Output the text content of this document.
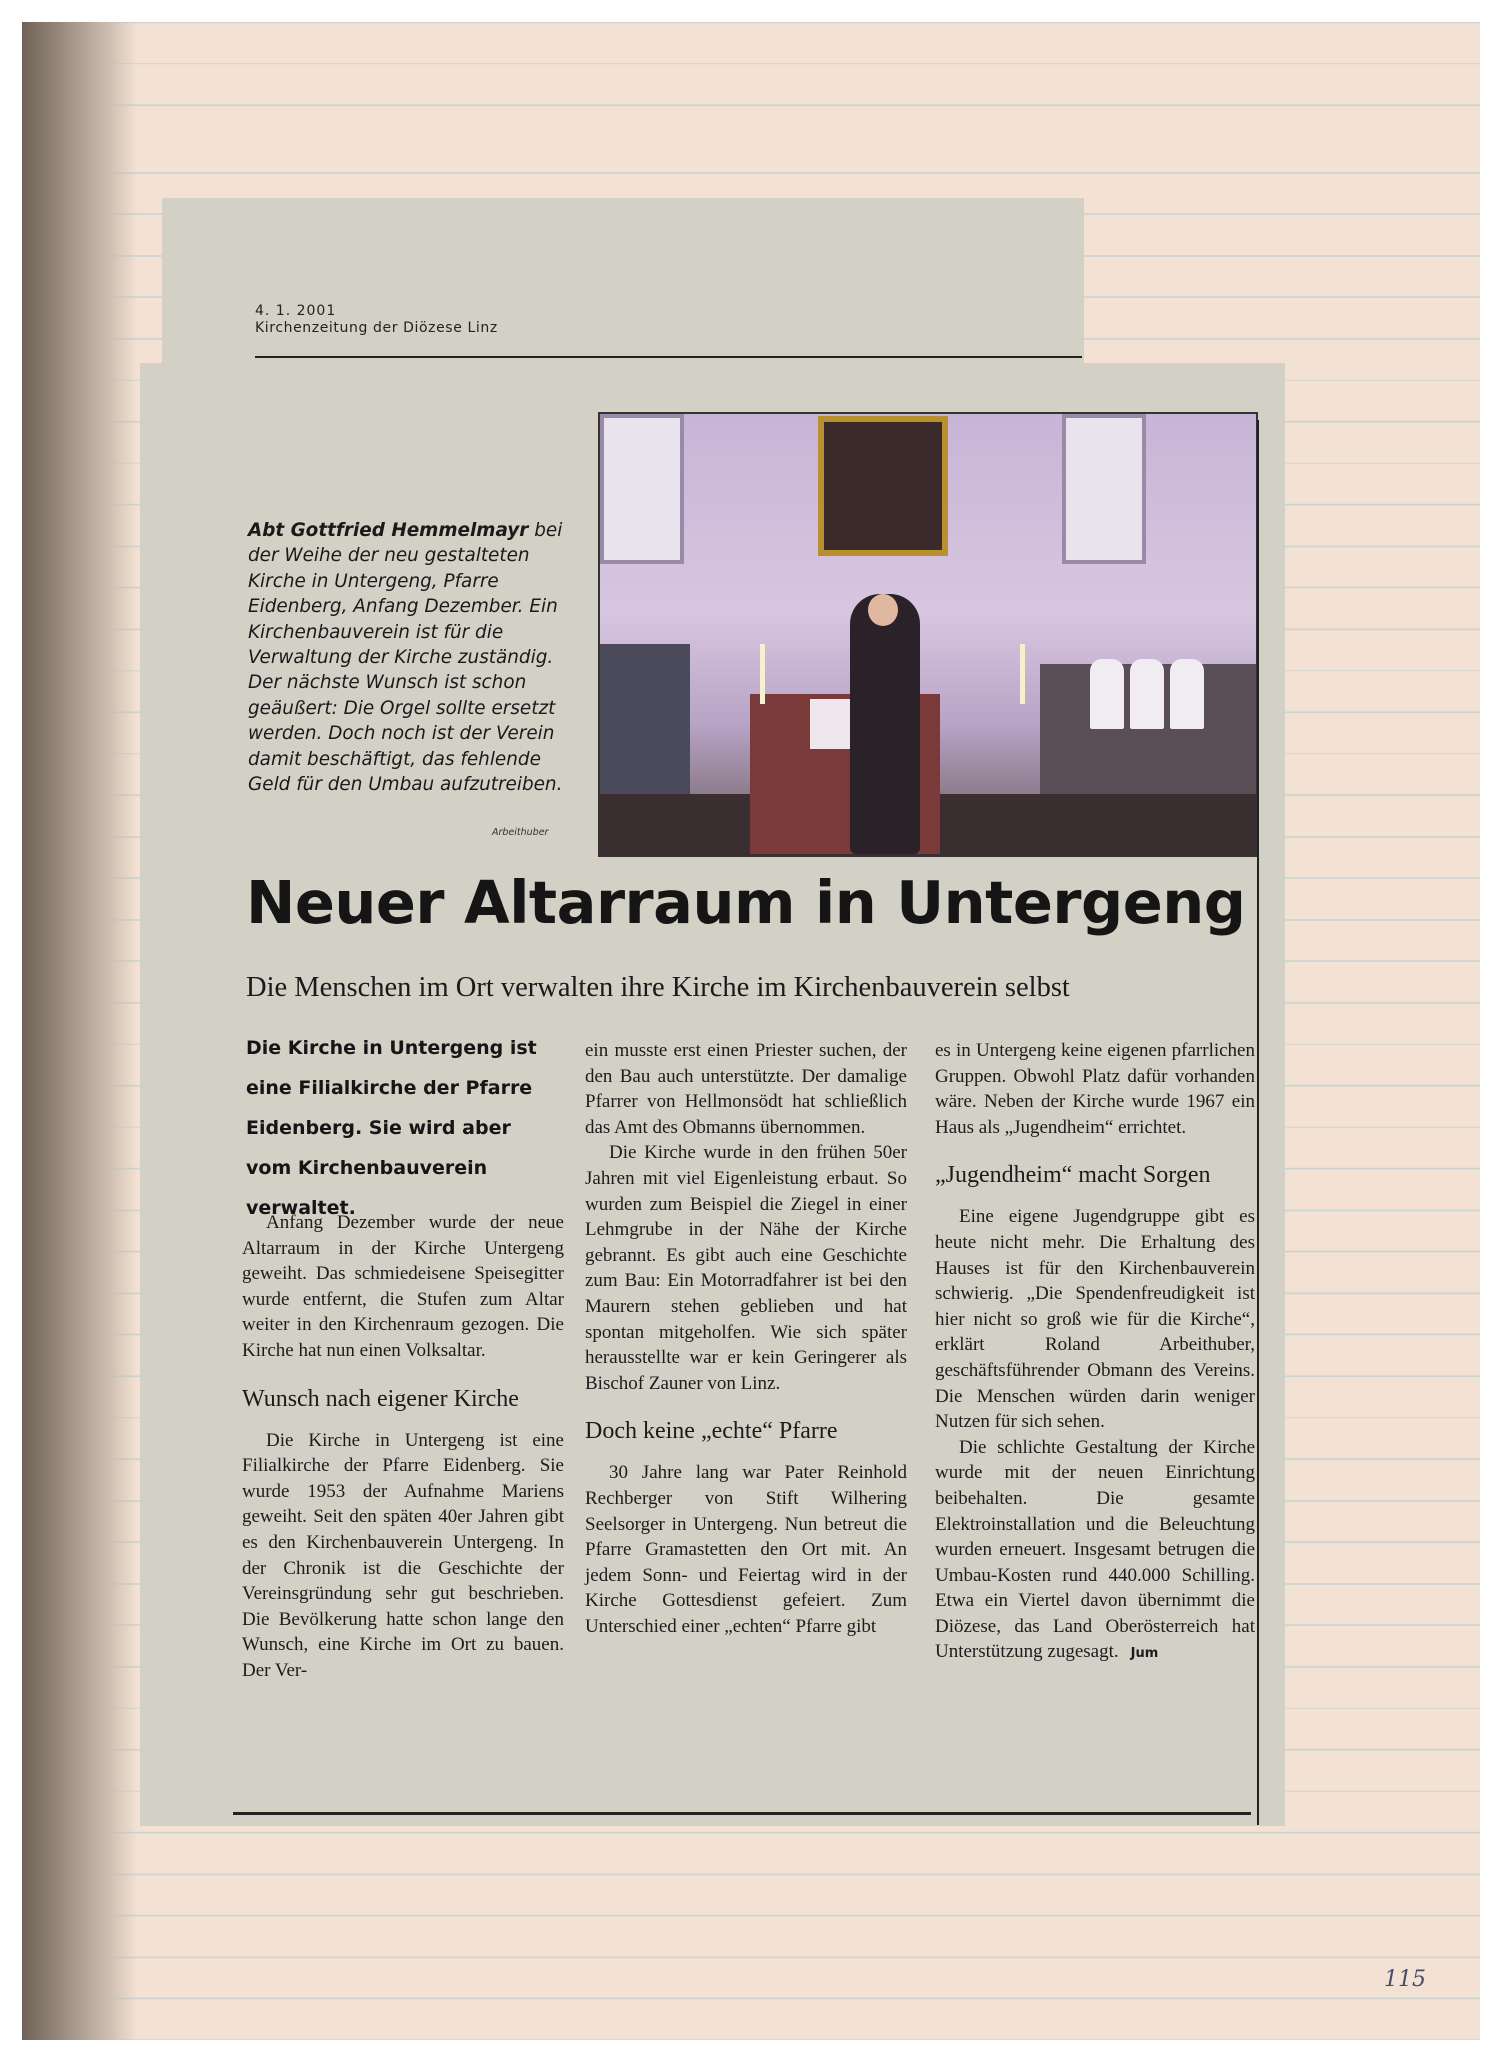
115
4. 1. 2001
Kirchenzeitung der Diözese Linz
Abt Gottfried Hemmelmayr bei der Weihe der neu gestalteten Kirche in Untergeng, Pfarre Eidenberg, Anfang Dezember. Ein Kirchenbauverein ist für die Verwaltung der Kirche zuständig. Der nächste Wunsch ist schon geäußert: Die Orgel sollte ersetzt werden. Doch noch ist der Verein damit beschäftigt, das fehlende Geld für den Umbau aufzutreiben.
Arbeithuber
Neuer Altarraum in Untergeng
Die Menschen im Ort verwalten ihre Kirche im Kirchenbauverein selbst
Die Kirche in Untergeng ist eine Filialkirche der Pfarre Eidenberg. Sie wird aber vom Kirchenbauverein verwaltet.

Anfang Dezember wurde der neue Altarraum in der Kirche Untergeng geweiht. Das schmiedeisene Speisegitter wurde entfernt, die Stufen zum Altar weiter in den Kirchenraum gezogen. Die Kirche hat nun einen Volksaltar.

Wunsch nach eigener Kirche

Die Kirche in Untergeng ist eine Filialkirche der Pfarre Eidenberg. Sie wurde 1953 der Aufnahme Mariens geweiht. Seit den späten 40er Jahren gibt es den Kirchenbauverein Untergeng. In der Chronik ist die Geschichte der Vereinsgründung sehr gut beschrieben. Die Bevölkerung hatte schon lange den Wunsch, eine Kirche im Ort zu bauen. Der Ver-

ein musste erst einen Priester suchen, der den Bau auch unterstützte. Der damalige Pfarrer von Hellmonsödt hat schließlich das Amt des Obmanns übernommen.

Die Kirche wurde in den frühen 50er Jahren mit viel Eigenleistung erbaut. So wurden zum Beispiel die Ziegel in einer Lehmgrube in der Nähe der Kirche gebrannt. Es gibt auch eine Geschichte zum Bau: Ein Motorradfahrer ist bei den Maurern stehen geblieben und hat spontan mitgeholfen. Wie sich später herausstellte war er kein Geringerer als Bischof Zauner von Linz.

Doch keine „echte“ Pfarre

30 Jahre lang war Pater Reinhold Rechberger von Stift Wilhering Seelsorger in Untergeng. Nun betreut die Pfarre Gramastetten den Ort mit. An jedem Sonn- und Feiertag wird in der Kirche Gottesdienst gefeiert. Zum Unterschied einer „echten“ Pfarre gibt

es in Untergeng keine eigenen pfarrlichen Gruppen. Obwohl Platz dafür vorhanden wäre. Neben der Kirche wurde 1967 ein Haus als „Jugendheim“ errichtet.

„Jugendheim“ macht Sorgen

Eine eigene Jugendgruppe gibt es heute nicht mehr. Die Erhaltung des Hauses ist für den Kirchenbauverein schwierig. „Die Spendenfreudigkeit ist hier nicht so groß wie für die Kirche“, erklärt Roland Arbeithuber, geschäftsführender Obmann des Vereins. Die Menschen würden darin weniger Nutzen für sich sehen.

Die schlichte Gestaltung der Kirche wurde mit der neuen Einrichtung beibehalten. Die gesamte Elektroinstallation und die Beleuchtung wurden erneuert. Insgesamt betrugen die Umbau-Kosten rund 440.000 Schilling. Etwa ein Viertel davon übernimmt die Diözese, das Land Oberösterreich hat Unterstützung zugesagt. Jum
